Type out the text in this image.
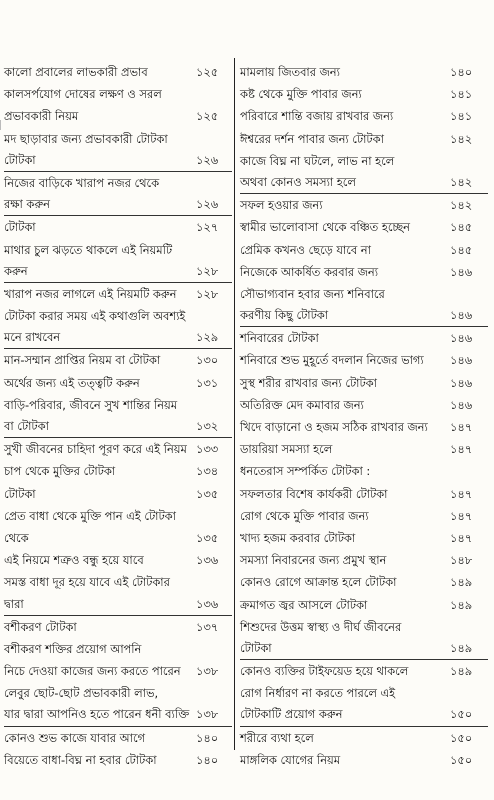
কালো প্রবালের লাভকারী প্রভাব	১২৫
কালসর্পযোগ দোষের লক্ষণ ও সরল
প্রভাবকারী নিয়ম	১২৫
মদ ছাড়াবার জন্য প্রভাবকারী টোটকা
টোটকা	১২৬
নিজের বাড়িকে খারাপ নজর থেকে
রক্ষা করুন	১২৬
টোটকা	১২৭
মাথার চুল ঝড়তে থাকলে এই নিয়মটি
করুন	১২৮
খারাপ নজর লাগলে এই নিয়মটি করুন ১২৮
টোটকা করার সময় এই কথাগুলি অবশ্যই
মনে রাখবেন	১২৯
মান-সম্মান প্রাপ্তির নিয়ম বা টোটকা	১৩০
অর্থের জন্য এই তত্ত্বটি করুন	১৩১
বাড়ি-পরিবার, জীবনে সুখ শান্তির নিয়ম
বা টোটকা	১৩২
সুখী জীবনের চাহিদা পূরণ করে এই নিয়ম ১৩৩
চাপ থেকে মুক্তির টোটকা	১৩৪
টোটকা	১৩৫
প্রেত বাধা থেকে মুক্তি পান এই টোটকা
থেকে	১৩৫
এই নিয়মে শত্রুও বন্ধু হয়ে যাবে	১৩৬
সমস্ত বাধা দূর হয়ে যাবে এই টোটকার
দ্বারা	১৩৬
বশীকরণ টোটকা	১৩৭
বশীকরণ শক্তির প্রয়োগ আপনি
নিচে দেওয়া কাজের জন্য করতে পারেন ১৩৮
লেবুর ছোট-ছোট প্রভাবকারী লাভ,
যার দ্বারা আপনিও হতে পারেন ধনী ব্যক্তি ১৩৮
কোনও শুভ কাজে যাবার আগে	১৪০
বিয়েতে বাধা-বিঘ্ন না হবার টোটকা	১৪০
মামলায় জিতবার জন্য	১৪০
কষ্ট থেকে মুক্তি পাবার জন্য	১৪১
পরিবারে শান্তি বজায় রাখবার জন্য	১৪১
ঈশ্বরের দর্শন পাবার জন্য টোটকা	১৪২
কাজে বিঘ্ন না ঘটলে, লাভ না হলে
অথবা কোনও সমস্যা হলে	১৪২
সফল হওয়ার জন্য	১৪২
স্বামীর ভালোবাসা থেকে বঞ্চিত হচ্ছেন	১৪৫
প্রেমিক কখনও ছেড়ে যাবে না	১৪৫
নিজেকে আকর্ষিত করবার জন্য	১৪৬
সৌভাগ্যবান হবার জন্য শনিবারে
করণীয় কিছু টোটকা	১৪৬
শনিবারের টোটকা	১৪৬
শনিবারে শুভ মুহূর্তে বদলান নিজের ভাগ্য ১৪৬
সুস্থ শরীর রাখবার জন্য টোটকা	১৪৬
অতিরিক্ত মেদ কমাবার জন্য	১৪৬
খিদে বাড়ানো ও হজম সঠিক রাখবার জন্য ১৪৭
ডায়রিয়া সমস্যা হলে	১৪৭
ধনতেরাস সম্পর্কিত টোটকা :
সফলতার বিশেষ কার্যকরী টোটকা	১৪৭
রোগ থেকে মুক্তি পাবার জন্য	১৪৭
খাদ্য হজম করবার টোটকা	১৪৭
সমস্যা নিবারনের জন্য প্রমুখ স্থান	১৪৮
কোনও রোগে আক্রান্ত হলে টোটকা	১৪৯
ক্রমাগত জ্বর আসলে টোটকা	১৪৯
শিশুদের উত্তম স্বাস্থ্য ও দীর্ঘ জীবনের
টোটকা	১৪৯
কোনও ব্যক্তির টাইফয়েড হয়ে থাকলে	১৪৯
রোগ নির্ধারণ না করতে পারলে এই
টোটকাটি প্রয়োগ করুন	১৫০
শরীরে ব্যথা হলে	১৫০
মাঙ্গলিক যোগের নিয়ম	১৫০
